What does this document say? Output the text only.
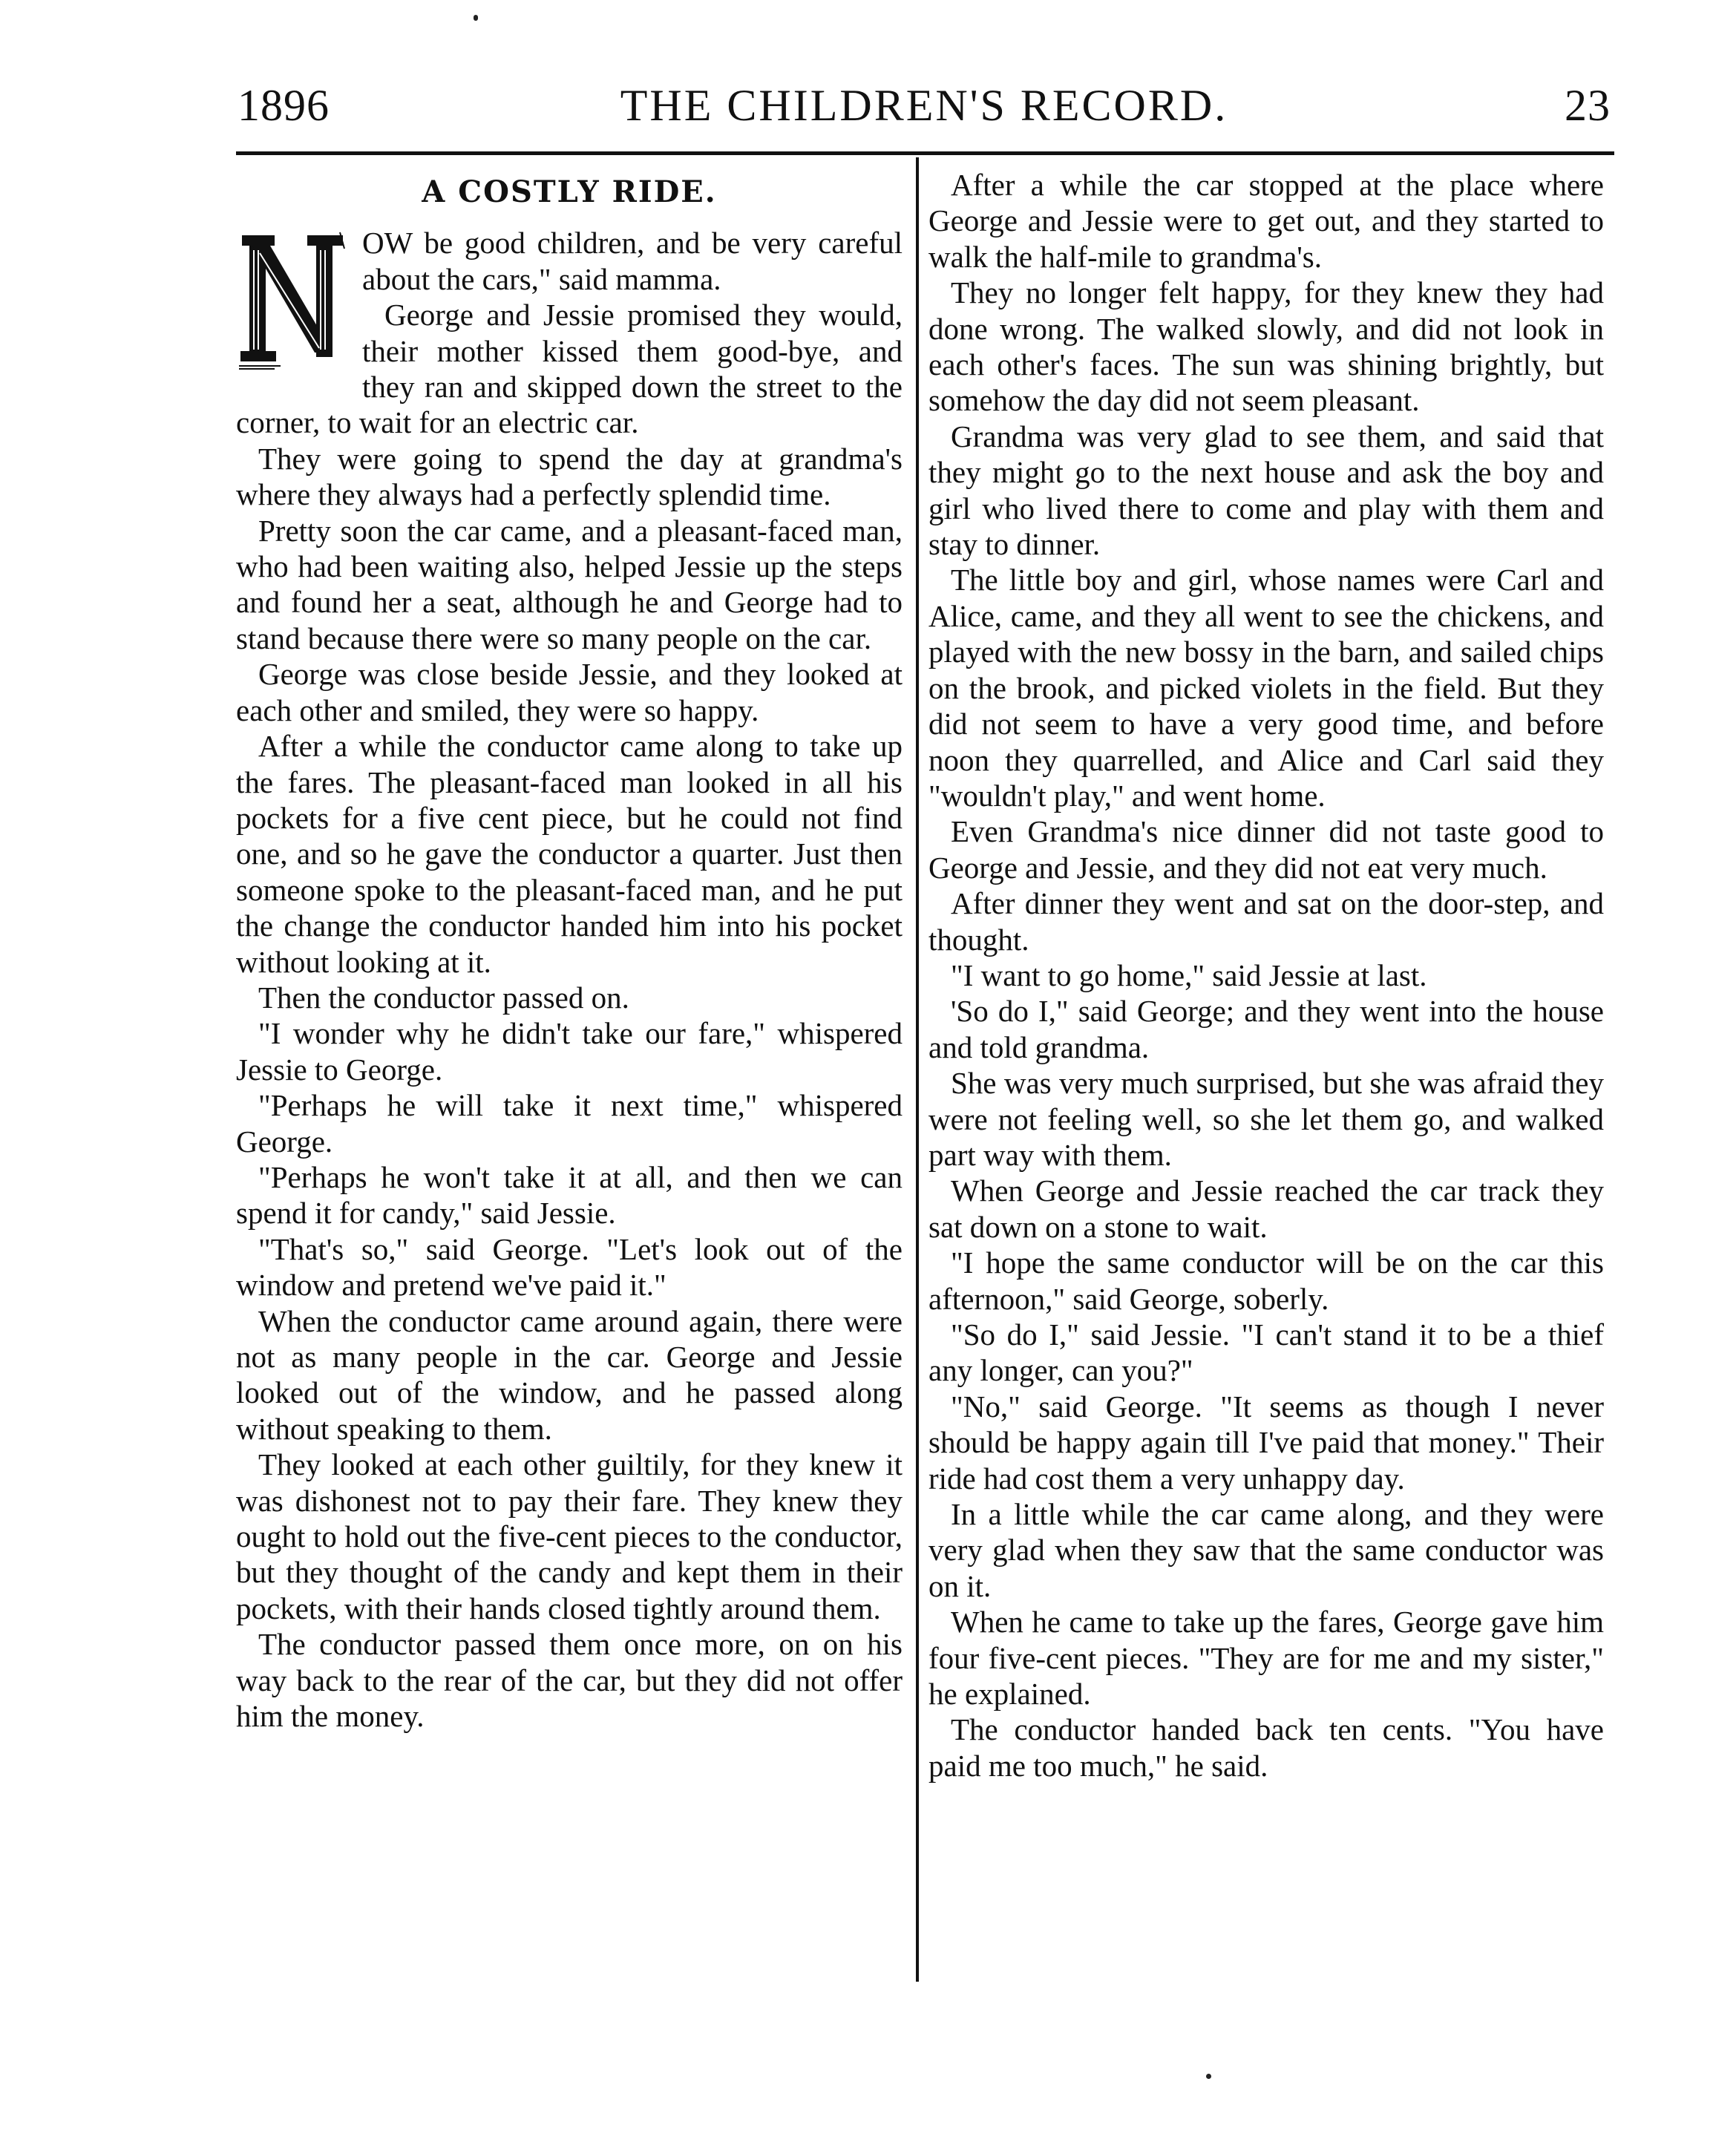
1896	THE CHILDREN'S RECORD.	23
A COSTLY RIDE.

OW be good children, and be very careful about the cars," said mamma.

George and Jessie promised they would, their mother kissed them good-bye, and they ran and skipped down the street to the corner, to wait for an electric car.

They were going to spend the day at grandma's where they always had a perfectly splendid time.

Pretty soon the car came, and a pleasant-faced man, who had been waiting also, helped Jessie up the steps and found her a seat, although he and George had to stand because there were so many people on the car.

George was close beside Jessie, and they looked at each other and smiled, they were so happy.

After a while the conductor came along to take up the fares. The pleasant-faced man looked in all his pockets for a five cent piece, but he could not find one, and so he gave the conductor a quarter. Just then someone spoke to the pleasant-faced man, and he put the change the conductor handed him into his pocket without looking at it.

Then the conductor passed on.

"I wonder why he didn't take our fare," whispered Jessie to George.

"Perhaps he will take it next time," whispered George.

"Perhaps he won't take it at all, and then we can spend it for candy," said Jessie.

"That's so," said George. "Let's look out of the window and pretend we've paid it."

When the conductor came around again, there were not as many people in the car. George and Jessie looked out of the window, and he passed along without speaking to them.

They looked at each other guiltily, for they knew it was dishonest not to pay their fare. They knew they ought to hold out the five-cent pieces to the conductor, but they thought of the candy and kept them in their pockets, with their hands closed tightly around them.

The conductor passed them once more, on on his way back to the rear of the car, but they did not offer him the money.

After a while the car stopped at the place where George and Jessie were to get out, and they started to walk the half-mile to grandma's.

They no longer felt happy, for they knew they had done wrong. The walked slowly, and did not look in each other's faces. The sun was shining brightly, but somehow the day did not seem pleasant.

Grandma was very glad to see them, and said that they might go to the next house and ask the boy and girl who lived there to come and play with them and stay to dinner.

The little boy and girl, whose names were Carl and Alice, came, and they all went to see the chickens, and played with the new bossy in the barn, and sailed chips on the brook, and picked violets in the field. But they did not seem to have a very good time, and before noon they quarrelled, and Alice and Carl said they "wouldn't play," and went home.

Even Grandma's nice dinner did not taste good to George and Jessie, and they did not eat very much.

After dinner they went and sat on the door-step, and thought.

"I want to go home," said Jessie at last.

'So do I," said George; and they went into the house and told grandma.

She was very much surprised, but she was afraid they were not feeling well, so she let them go, and walked part way with them.

When George and Jessie reached the car track they sat down on a stone to wait.

"I hope the same conductor will be on the car this afternoon," said George, soberly.

"So do I," said Jessie. "I can't stand it to be a thief any longer, can you?"

"No," said George. "It seems as though I never should be happy again till I've paid that money." Their ride had cost them a very unhappy day.

In a little while the car came along, and they were very glad when they saw that the same conductor was on it.

When he came to take up the fares, George gave him four five-cent pieces. "They are for me and my sister," he explained.

The conductor handed back ten cents. "You have paid me too much," he said.
